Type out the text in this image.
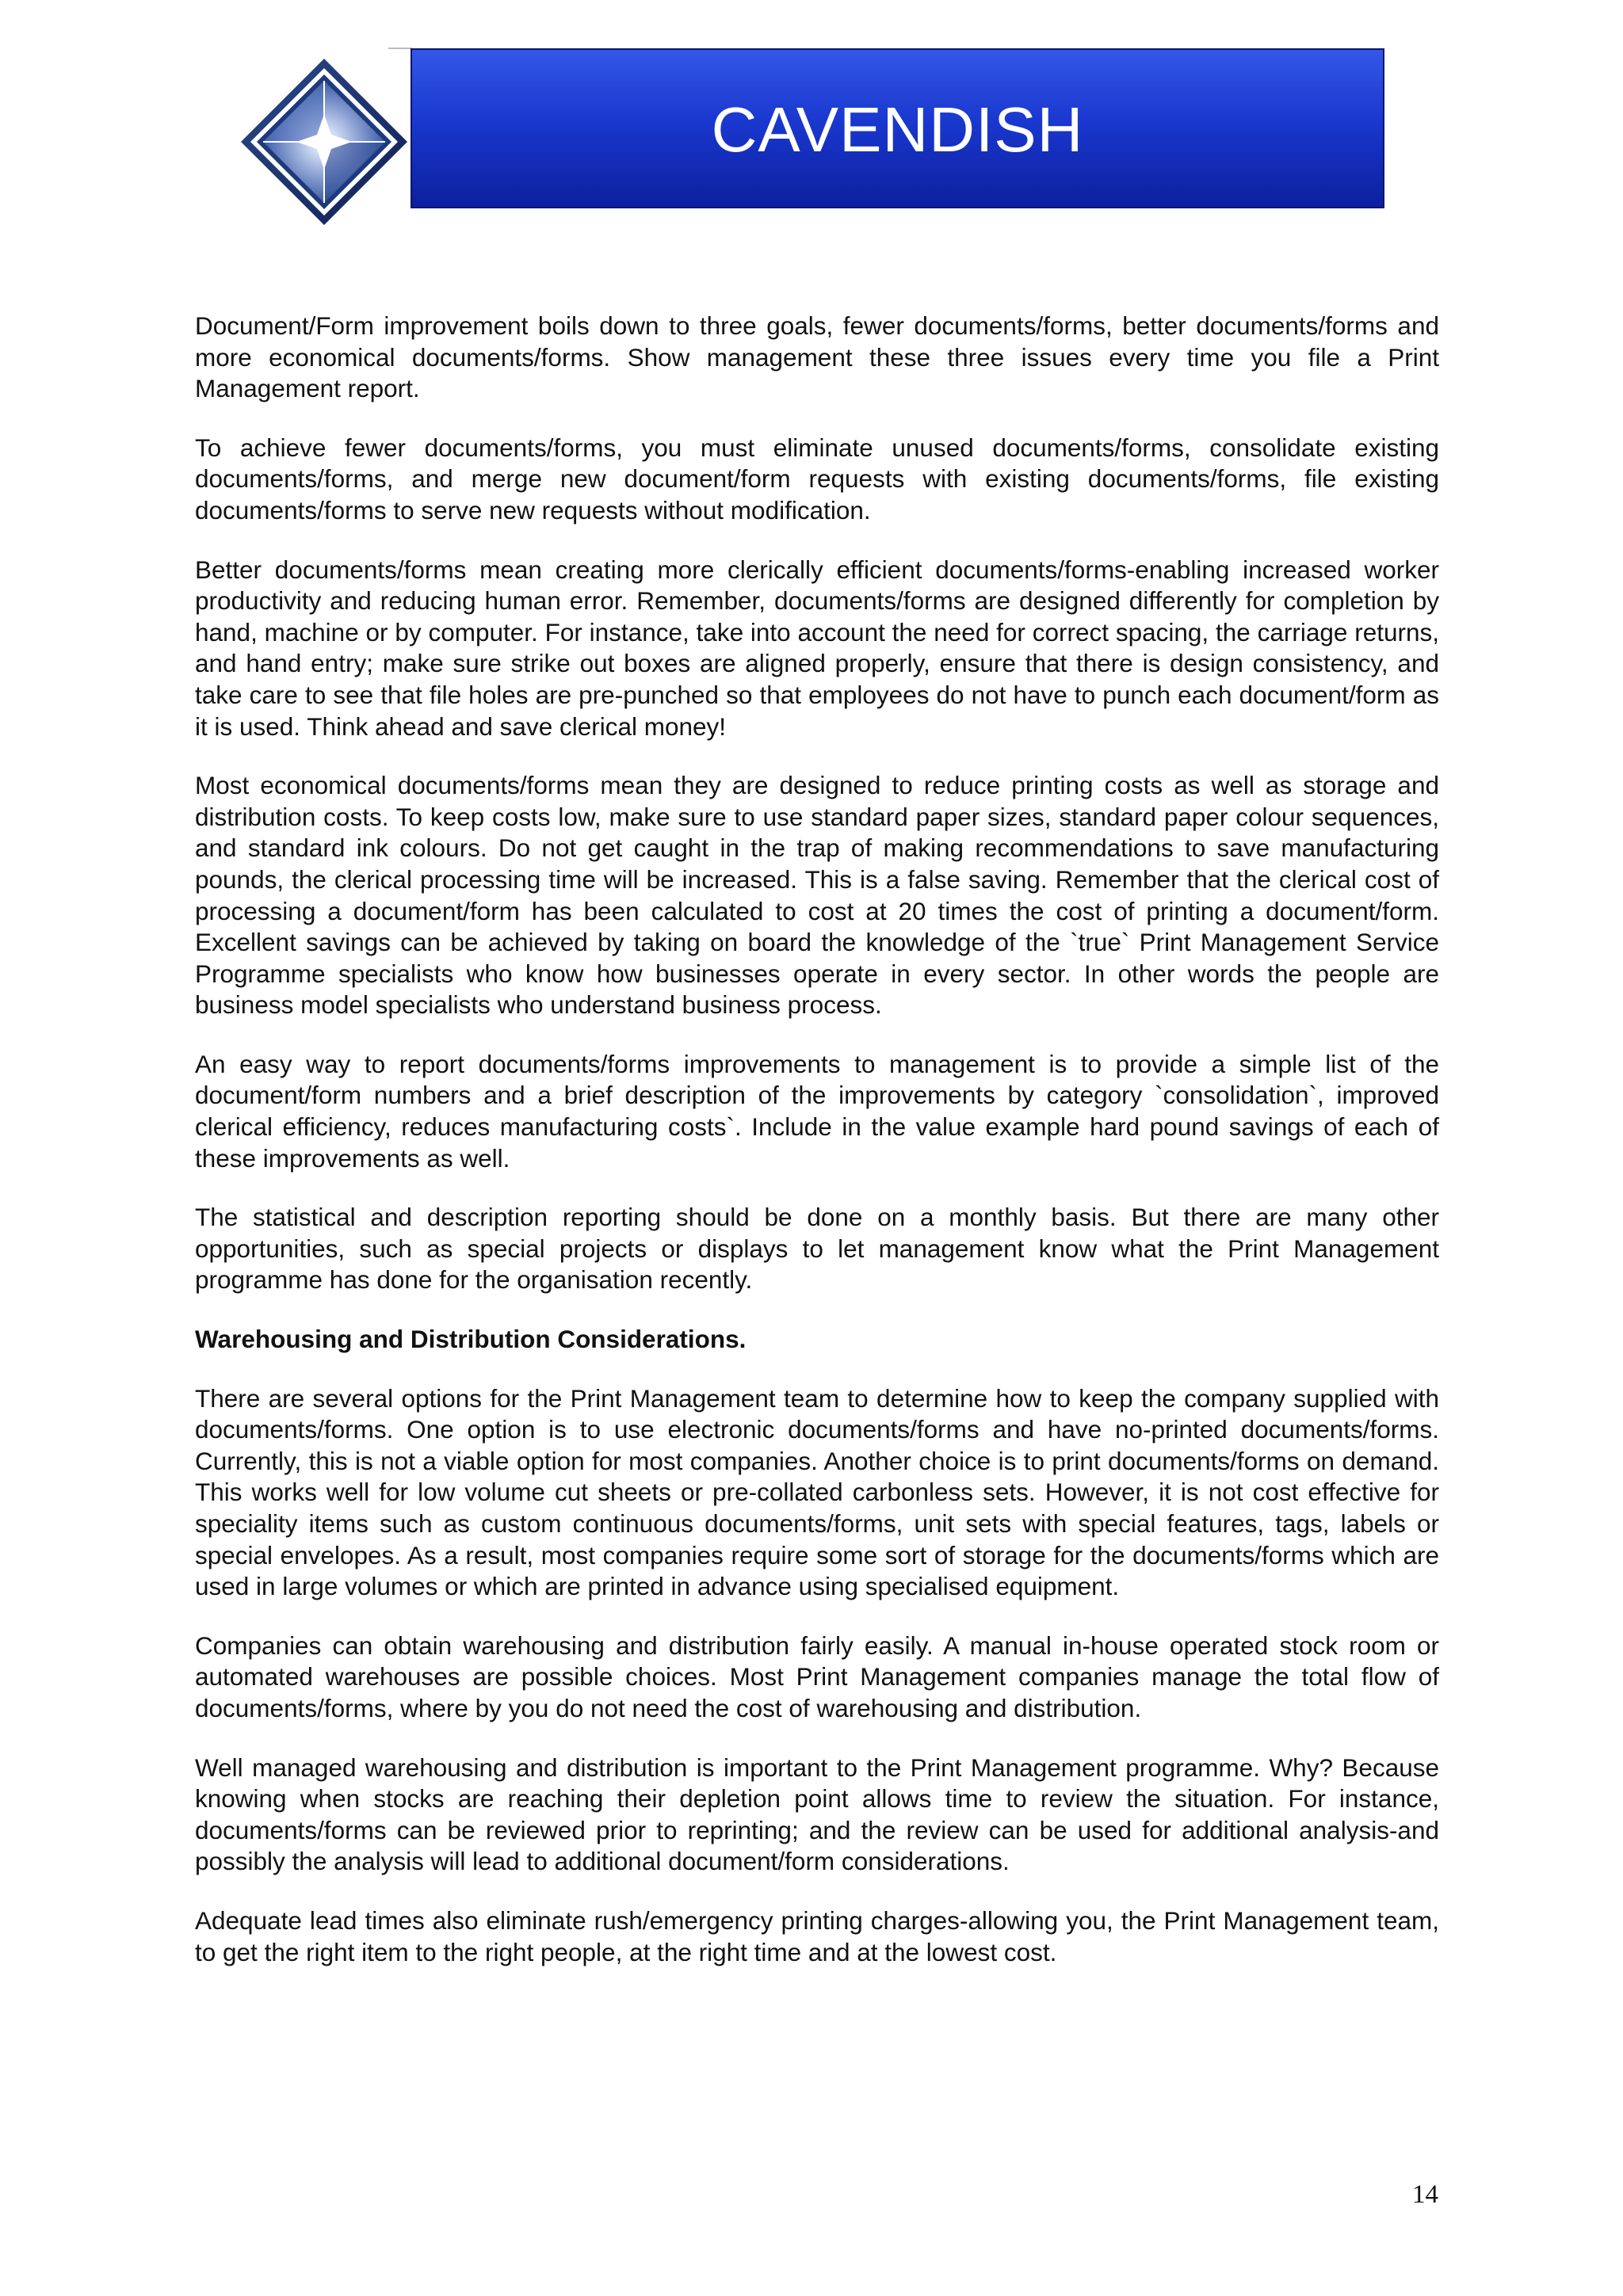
CAVENDISH

Document/Form improvement boils down to three goals, fewer documents/forms, better documents/forms and more economical documents/forms. Show management these three issues every time you file a Print Management report.

To achieve fewer documents/forms, you must eliminate unused documents/forms, consolidate existing documents/forms, and merge new document/form requests with existing documents/forms, file existing documents/forms to serve new requests without modification.

Better documents/forms mean creating more clerically efficient documents/forms-enabling increased worker productivity and reducing human error. Remember, documents/forms are designed differently for completion by hand, machine or by computer. For instance, take into account the need for correct spacing, the carriage returns, and hand entry; make sure strike out boxes are aligned properly, ensure that there is design consistency, and take care to see that file holes are pre-punched so that employees do not have to punch each document/form as it is used. Think ahead and save clerical money!

Most economical documents/forms mean they are designed to reduce printing costs as well as storage and distribution costs. To keep costs low, make sure to use standard paper sizes, standard paper colour sequences, and standard ink colours. Do not get caught in the trap of making recommendations to save manufacturing pounds, the clerical processing time will be increased. This is a false saving. Remember that the clerical cost of processing a document/form has been calculated to cost at 20 times the cost of printing a document/form. Excellent savings can be achieved by taking on board the knowledge of the `true` Print Management Service Programme specialists who know how businesses operate in every sector. In other words the people are business model specialists who understand business process.

An easy way to report documents/forms improvements to management is to provide a simple list of the document/form numbers and a brief description of the improvements by category `consolidation`, improved clerical efficiency, reduces manufacturing costs`. Include in the value example hard pound savings of each of these improvements as well.

The statistical and description reporting should be done on a monthly basis. But there are many other opportunities, such as special projects or displays to let management know what the Print Management programme has done for the organisation recently.

Warehousing and Distribution Considerations.

There are several options for the Print Management team to determine how to keep the company supplied with documents/forms. One option is to use electronic documents/forms and have no-printed documents/forms. Currently, this is not a viable option for most companies. Another choice is to print documents/forms on demand. This works well for low volume cut sheets or pre-collated carbonless sets. However, it is not cost effective for speciality items such as custom continuous documents/forms, unit sets with special features, tags, labels or special envelopes. As a result, most companies require some sort of storage for the documents/forms which are used in large volumes or which are printed in advance using specialised equipment.

Companies can obtain warehousing and distribution fairly easily. A manual in-house operated stock room or automated warehouses are possible choices. Most Print Management companies manage the total flow of documents/forms, where by you do not need the cost of warehousing and distribution.

Well managed warehousing and distribution is important to the Print Management programme. Why? Because knowing when stocks are reaching their depletion point allows time to review the situation. For instance, documents/forms can be reviewed prior to reprinting; and the review can be used for additional analysis-and possibly the analysis will lead to additional document/form considerations.

Adequate lead times also eliminate rush/emergency printing charges-allowing you, the Print Management team, to get the right item to the right people, at the right time and at the lowest cost.

14
